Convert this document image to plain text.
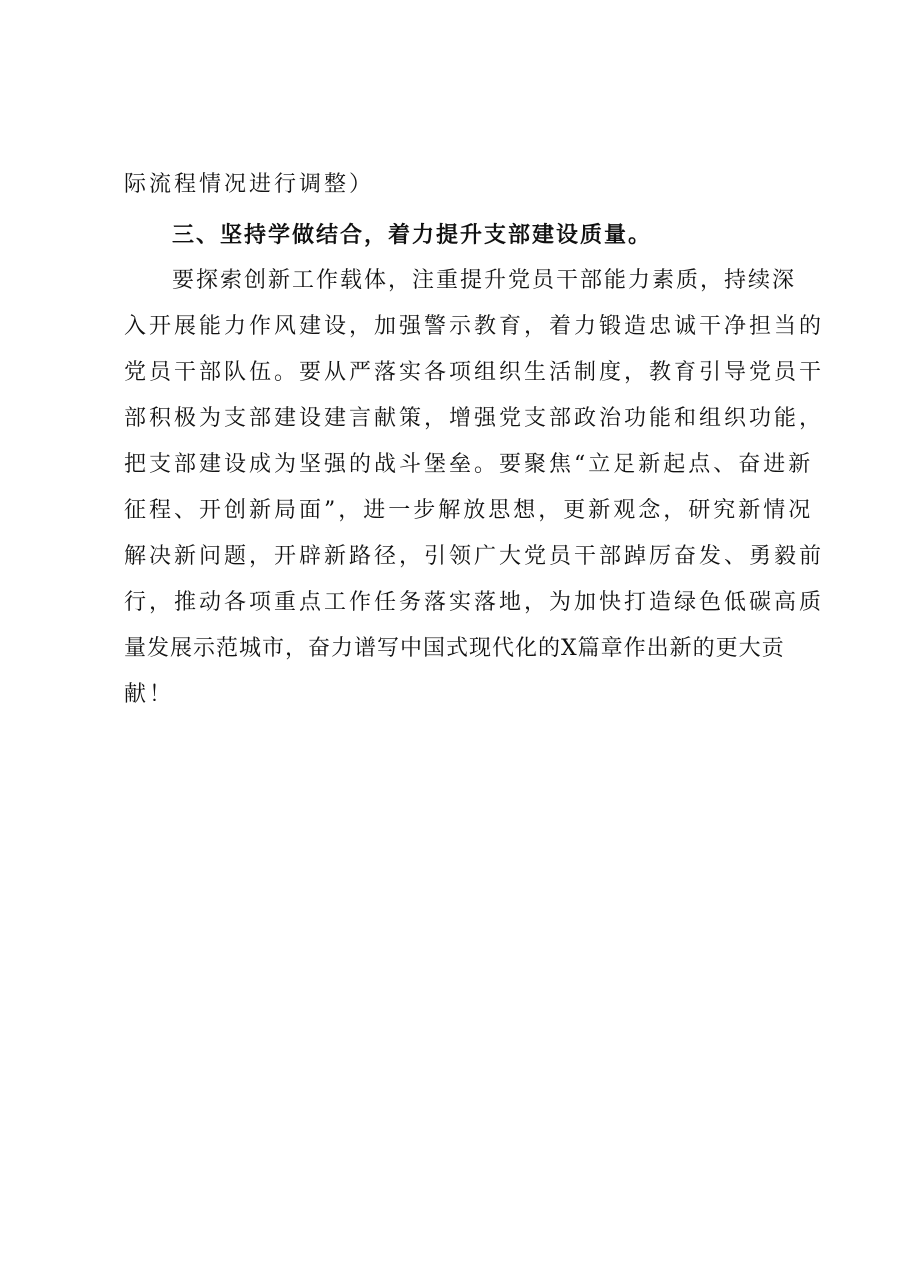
际流程情况进行调整）
三、坚持学做结合，着力提升支部建设质量。
要探索创新工作载体，注重提升党员干部能力素质，持续深
入开展能力作风建设，加强警示教育，着力锻造忠诚干净担当的
党员干部队伍。要从严落实各项组织生活制度，教育引导党员干
部积极为支部建设建言献策，增强党支部政治功能和组织功能，
把支部建设成为坚强的战斗堡垒。要聚焦“立足新起点、奋进新
征程、开创新局面”，进一步解放思想，更新观念，研究新情况
解决新问题，开辟新路径，引领广大党员干部踔厉奋发、勇毅前
行，推动各项重点工作任务落实落地，为加快打造绿色低碳高质
量发展示范城市，奋力谱写中国式现代化的X篇章作出新的更大贡
献！
